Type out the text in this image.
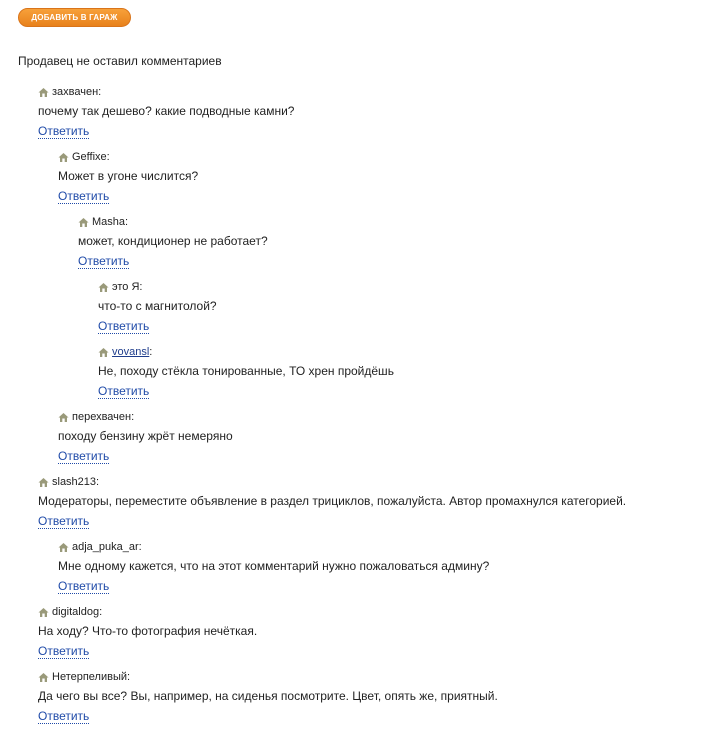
ДОБАВИТЬ В ГАРАЖ
Продавец не оставил комментариев
захвачен:
почему так дешево? какие подводные камни?
Ответить
Geffixe:
Может в угоне числится?
Ответить
Masha:
может, кондиционер не работает?
Ответить
это Я:
что-то с магнитолой?
Ответить
vovansl :
Не, походу стёкла тонированные, ТО хрен пройдёшь
Ответить
перехвачен:
походу бензину жрёт немеряно
Ответить
slash213:
Модераторы, переместите объявление в раздел трициклов, пожалуйста. Автор промахнулся категорией.
Ответить
adja_puka_ar:
Мне одному кажется, что на этот комментарий нужно пожаловаться админу?
Ответить
digitaldog:
На ходу? Что-то фотография нечёткая.
Ответить
Нетерпеливый:
Да чего вы все? Вы, например, на сиденья посмотрите. Цвет, опять же, приятный.
Ответить
